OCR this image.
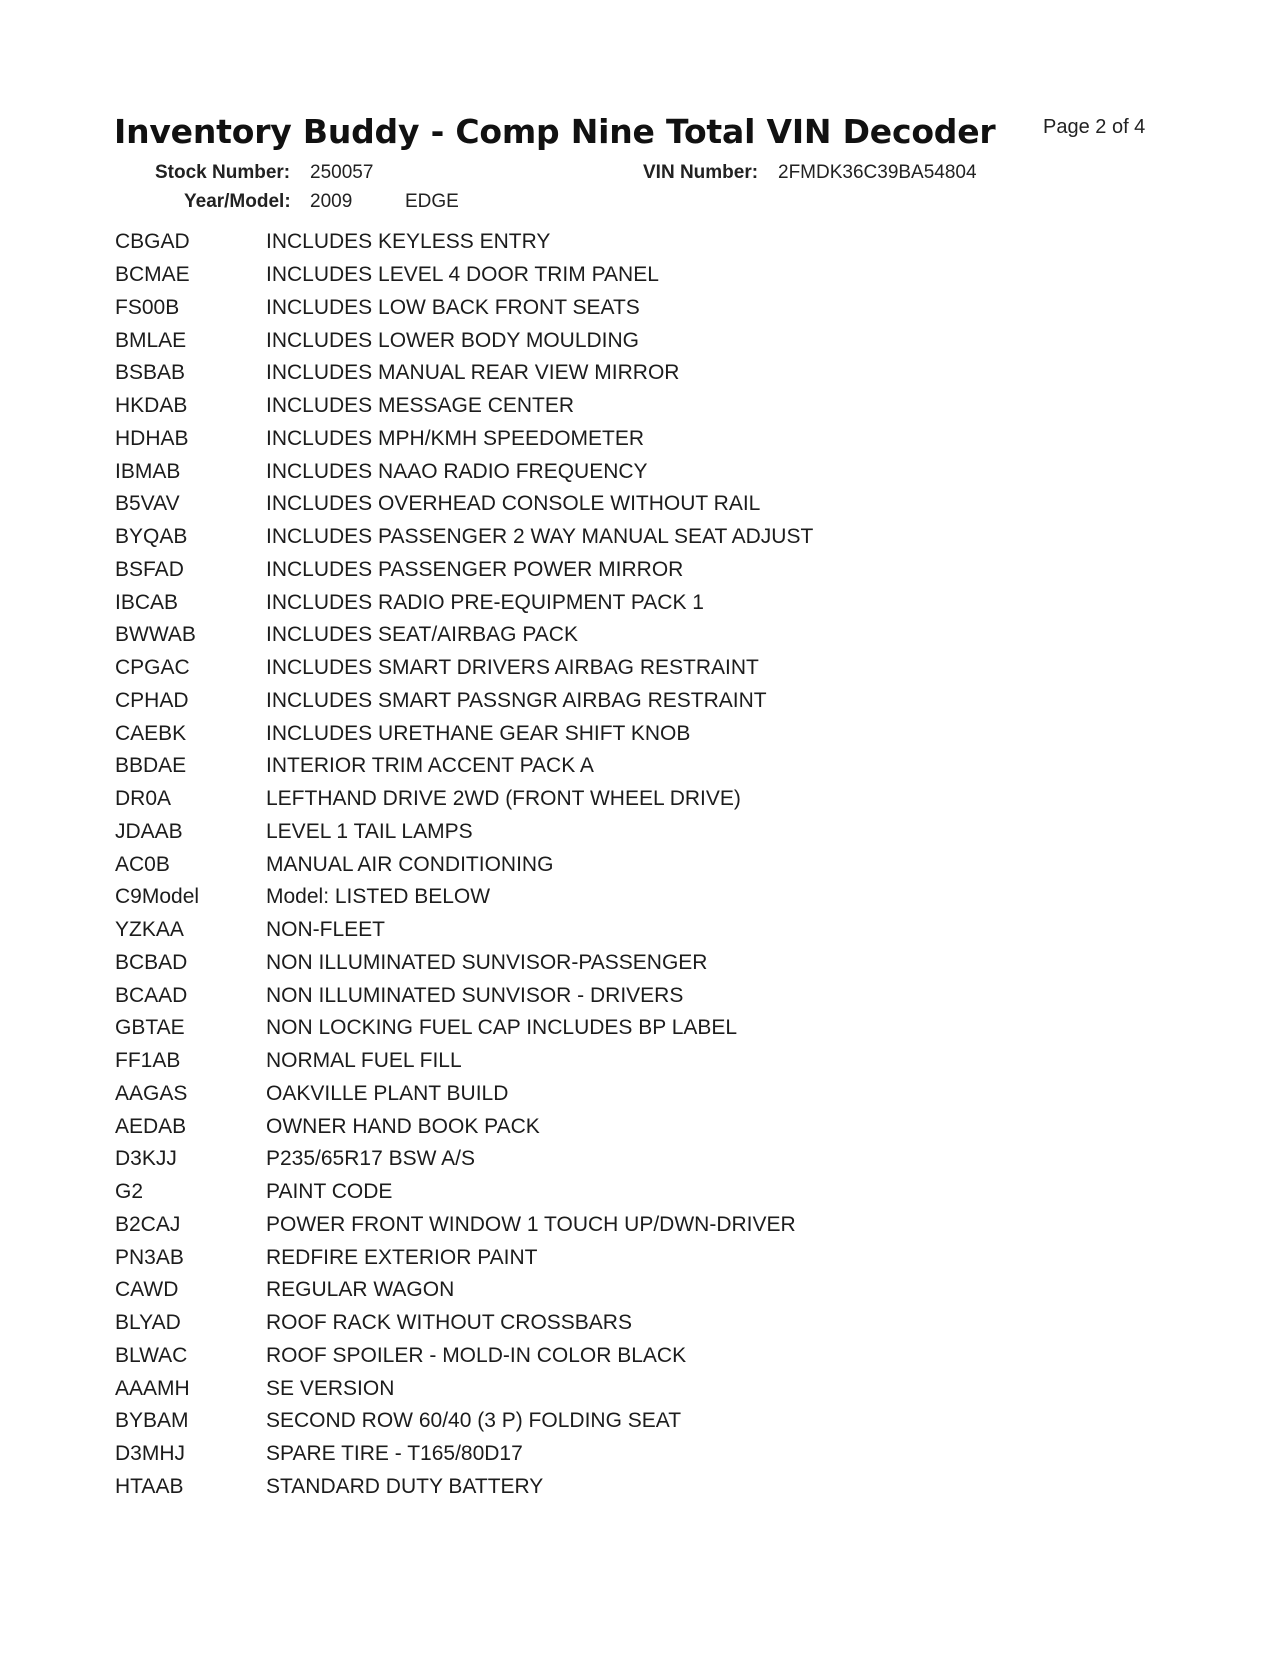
Inventory Buddy - Comp Nine Total VIN Decoder Page 2 of 4
Stock Number: 250057	VIN Number: 2FMDK36C39BA54804
Year/Model: 2009	EDGE
CBGAD	INCLUDES KEYLESS ENTRY
BCMAE	INCLUDES LEVEL 4 DOOR TRIM PANEL
FS00B	INCLUDES LOW BACK FRONT SEATS
BMLAE	INCLUDES LOWER BODY MOULDING
BSBAB	INCLUDES MANUAL REAR VIEW MIRROR
HKDAB	INCLUDES MESSAGE CENTER
HDHAB	INCLUDES MPH/KMH SPEEDOMETER
IBMAB	INCLUDES NAAO RADIO FREQUENCY
B5VAV	INCLUDES OVERHEAD CONSOLE WITHOUT RAIL
BYQAB	INCLUDES PASSENGER 2 WAY MANUAL SEAT ADJUST
BSFAD	INCLUDES PASSENGER POWER MIRROR
IBCAB	INCLUDES RADIO PRE-EQUIPMENT PACK 1
BWWAB	INCLUDES SEAT/AIRBAG PACK
CPGAC	INCLUDES SMART DRIVERS AIRBAG RESTRAINT
CPHAD	INCLUDES SMART PASSNGR AIRBAG RESTRAINT
CAEBK	INCLUDES URETHANE GEAR SHIFT KNOB
BBDAE	INTERIOR TRIM ACCENT PACK A
DR0A	LEFTHAND DRIVE 2WD (FRONT WHEEL DRIVE)
JDAAB	LEVEL 1 TAIL LAMPS
AC0B	MANUAL AIR CONDITIONING
C9Model	Model: LISTED BELOW
YZKAA	NON-FLEET
BCBAD	NON ILLUMINATED SUNVISOR-PASSENGER
BCAAD	NON ILLUMINATED SUNVISOR - DRIVERS
GBTAE	NON LOCKING FUEL CAP INCLUDES BP LABEL
FF1AB	NORMAL FUEL FILL
AAGAS	OAKVILLE PLANT BUILD
AEDAB	OWNER HAND BOOK PACK
D3KJJ	P235/65R17 BSW A/S
G2	PAINT CODE
B2CAJ	POWER FRONT WINDOW 1 TOUCH UP/DWN-DRIVER
PN3AB	REDFIRE EXTERIOR PAINT
CAWD	REGULAR WAGON
BLYAD	ROOF RACK WITHOUT CROSSBARS
BLWAC	ROOF SPOILER - MOLD-IN COLOR BLACK
AAAMH	SE VERSION
BYBAM	SECOND ROW 60/40 (3 P) FOLDING SEAT
D3MHJ	SPARE TIRE - T165/80D17
HTAAB	STANDARD DUTY BATTERY
